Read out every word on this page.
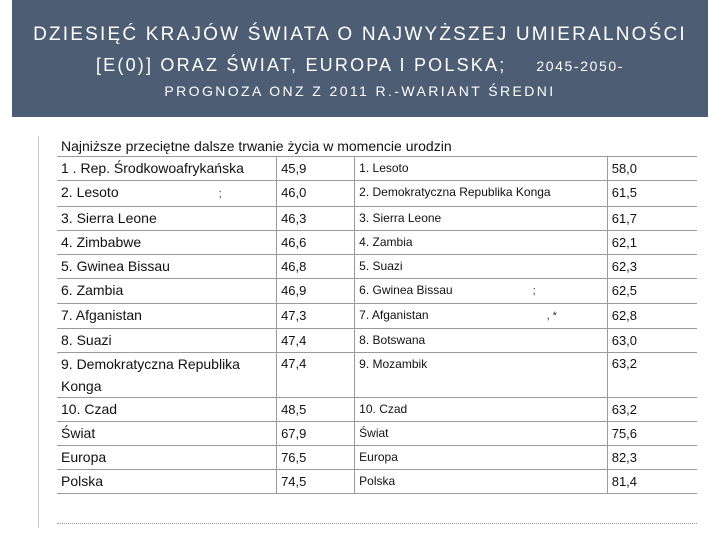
DZIESIĘĆ KRAJÓW ŚWIATA O NAJWYŻSZEJ UMIERALNOŚCI
[E(0)] ORAZ ŚWIAT, EUROPA I POLSKA; 2045-2050-
PROGNOZA ONZ Z 2011 R.-WARIANT ŚREDNI
Najniższe przeciętne dalsze trwanie życia w momencie urodzin			
1 . Rep. Środkowoafrykańska	45,9	1. Lesoto	58,0
2. Lesoto ;	46,0	2. Demokratyczna Republika Konga	61,5
3. Sierra Leone	46,3	3. Sierra Leone	61,7
4. Zimbabwe	46,6	4. Zambia	62,1
5. Gwinea Bissau	46,8	5. Suazi	62,3
6. Zambia	46,9	6. Gwinea Bissau ;	62,5
7. Afganistan	47,3	7. Afganistan , *	62,8
8. Suazi	47,4	8. Botswana	63,0
9. Demokratyczna Republika Konga	47,4	9. Mozambik	63,2
10. Czad	48,5	10. Czad	63,2
Świat	67,9	Świat	75,6
Europa	76,5	Europa	82,3
Polska	74,5	Polska	81,4
